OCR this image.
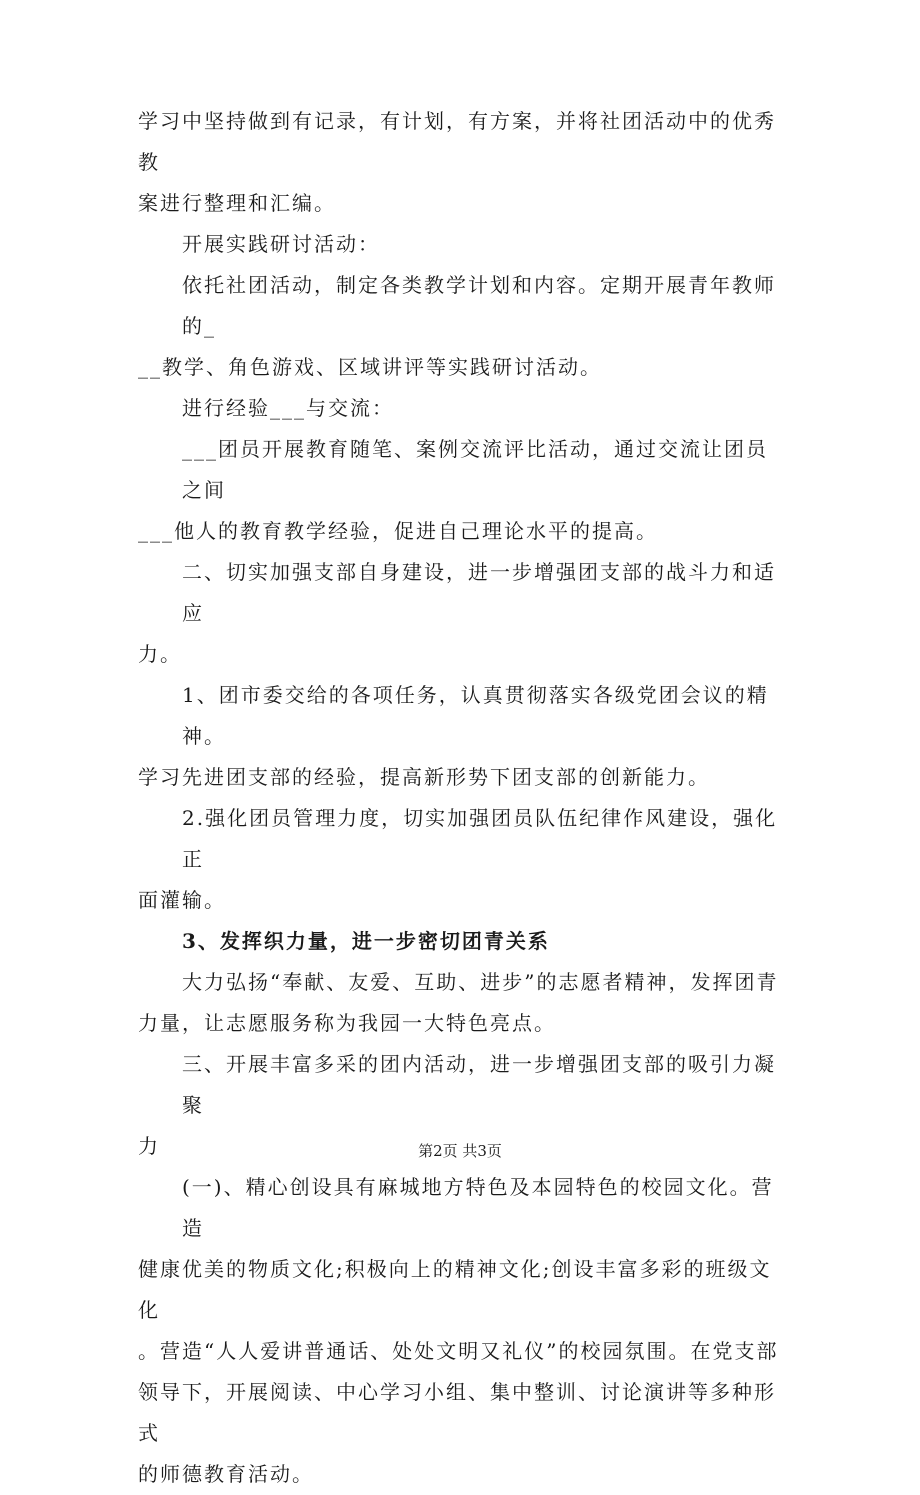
学习中坚持做到有记录，有计划，有方案，并将社团活动中的优秀教

案进行整理和汇编。

开展实践研讨活动：

依托社团活动，制定各类教学计划和内容。定期开展青年教师的_

__教学、角色游戏、区域讲评等实践研讨活动。

进行经验___与交流：

___团员开展教育随笔、案例交流评比活动，通过交流让团员之间

___他人的教育教学经验，促进自己理论水平的提高。

二、切实加强支部自身建设，进一步增强团支部的战斗力和适应

力。

1、团市委交给的各项任务，认真贯彻落实各级党团会议的精神。

学习先进团支部的经验，提高新形势下团支部的创新能力。

2.强化团员管理力度，切实加强团员队伍纪律作风建设，强化正

面灌输。

3、发挥织力量，进一步密切团青关系

大力弘扬“奉献、友爱、互助、进步”的志愿者精神，发挥团青

力量，让志愿服务称为我园一大特色亮点。

三、开展丰富多采的团内活动，进一步增强团支部的吸引力凝聚

力

(一)、精心创设具有麻城地方特色及本园特色的校园文化。营造

健康优美的物质文化;积极向上的精神文化;创设丰富多彩的班级文化

。营造“人人爱讲普通话、处处文明又礼仪”的校园氛围。在党支部

领导下，开展阅读、中心学习小组、集中整训、讨论演讲等多种形式

的师德教育活动。

第2页 共3页
